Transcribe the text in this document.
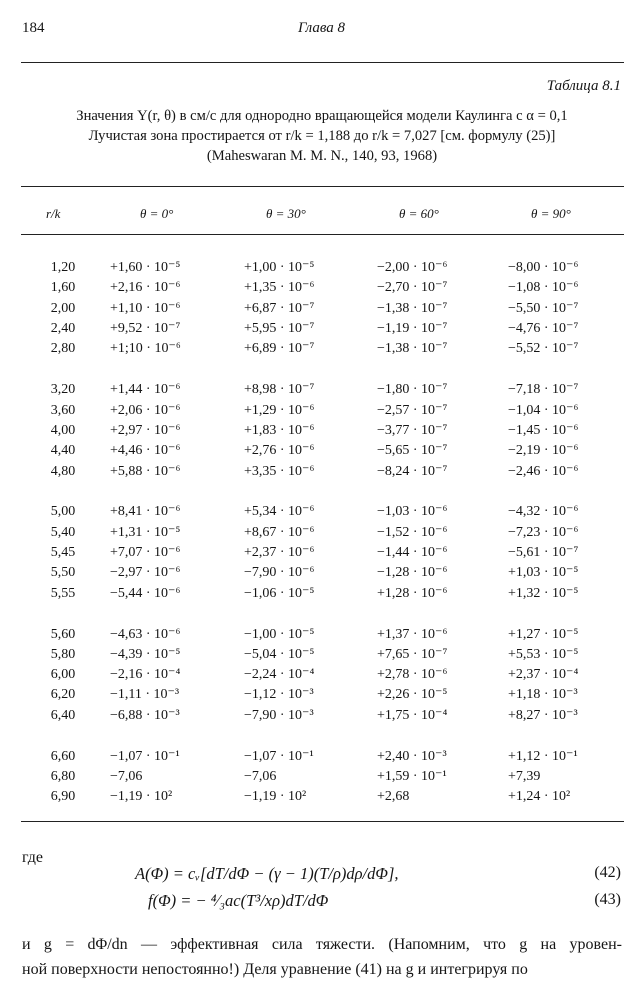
184	Глава 8
Таблица 8.1
Значения Y(r, θ) в см/с для однородно вращающейся модели Каулинга с α = 0,1
Лучистая зона простирается от r/k = 1,188 до r/k = 7,027 [см. формулу (25)]
(Maheswaran M. M. N., 140, 93, 1968)
r/k	θ = 0°	θ = 30°	θ = 60°	θ = 90°
1,20	+1,60 · 10⁻⁵	+1,00 · 10⁻⁵	−2,00 · 10⁻⁶	−8,00 · 10⁻⁶
1,60	+2,16 · 10⁻⁶	+1,35 · 10⁻⁶	−2,70 · 10⁻⁷	−1,08 · 10⁻⁶
2,00	+1,10 · 10⁻⁶	+6,87 · 10⁻⁷	−1,38 · 10⁻⁷	−5,50 · 10⁻⁷
2,40	+9,52 · 10⁻⁷	+5,95 · 10⁻⁷	−1,19 · 10⁻⁷	−4,76 · 10⁻⁷
2,80	+1;10 · 10⁻⁶	+6,89 · 10⁻⁷	−1,38 · 10⁻⁷	−5,52 · 10⁻⁷
3,20	+1,44 · 10⁻⁶	+8,98 · 10⁻⁷	−1,80 · 10⁻⁷	−7,18 · 10⁻⁷
3,60	+2,06 · 10⁻⁶	+1,29 · 10⁻⁶	−2,57 · 10⁻⁷	−1,04 · 10⁻⁶
4,00	+2,97 · 10⁻⁶	+1,83 · 10⁻⁶	−3,77 · 10⁻⁷	−1,45 · 10⁻⁶
4,40	+4,46 · 10⁻⁶	+2,76 · 10⁻⁶	−5,65 · 10⁻⁷	−2,19 · 10⁻⁶
4,80	+5,88 · 10⁻⁶	+3,35 · 10⁻⁶	−8,24 · 10⁻⁷	−2,46 · 10⁻⁶
5,00	+8,41 · 10⁻⁶	+5,34 · 10⁻⁶	−1,03 · 10⁻⁶	−4,32 · 10⁻⁶
5,40	+1,31 · 10⁻⁵	+8,67 · 10⁻⁶	−1,52 · 10⁻⁶	−7,23 · 10⁻⁶
5,45	+7,07 · 10⁻⁶	+2,37 · 10⁻⁶	−1,44 · 10⁻⁶	−5,61 · 10⁻⁷
5,50	−2,97 · 10⁻⁶	−7,90 · 10⁻⁶	−1,28 · 10⁻⁶	+1,03 · 10⁻⁵
5,55	−5,44 · 10⁻⁶	−1,06 · 10⁻⁵	+1,28 · 10⁻⁶	+1,32 · 10⁻⁵
5,60	−4,63 · 10⁻⁶	−1,00 · 10⁻⁵	+1,37 · 10⁻⁶	+1,27 · 10⁻⁵
5,80	−4,39 · 10⁻⁵	−5,04 · 10⁻⁵	+7,65 · 10⁻⁷	+5,53 · 10⁻⁵
6,00	−2,16 · 10⁻⁴	−2,24 · 10⁻⁴	+2,78 · 10⁻⁶	+2,37 · 10⁻⁴
6,20	−1,11 · 10⁻³	−1,12 · 10⁻³	+2,26 · 10⁻⁵	+1,18 · 10⁻³
6,40	−6,88 · 10⁻³	−7,90 · 10⁻³	+1,75 · 10⁻⁴	+8,27 · 10⁻³
6,60	−1,07 · 10⁻¹	−1,07 · 10⁻¹	+2,40 · 10⁻³	+1,12 · 10⁻¹
6,80	−7,06	−7,06	+1,59 · 10⁻¹	+7,39
6,90	−1,19 · 10²	−1,19 · 10²	+2,68	+1,24 · 10²
где
A(Φ) = cᵥ[dT/dΦ − (γ − 1)(T/ρ)dρ/dΦ],	(42)
f(Φ) = − ⁴⁄₃ac(T³/xρ)dT/dΦ	(43)
и g = dΦ/dn — эффективная сила тяжести. (Напомним, что g на уровен-
ной поверхности непостоянно!) Деля уравнение (41) на g и интегрируя по
